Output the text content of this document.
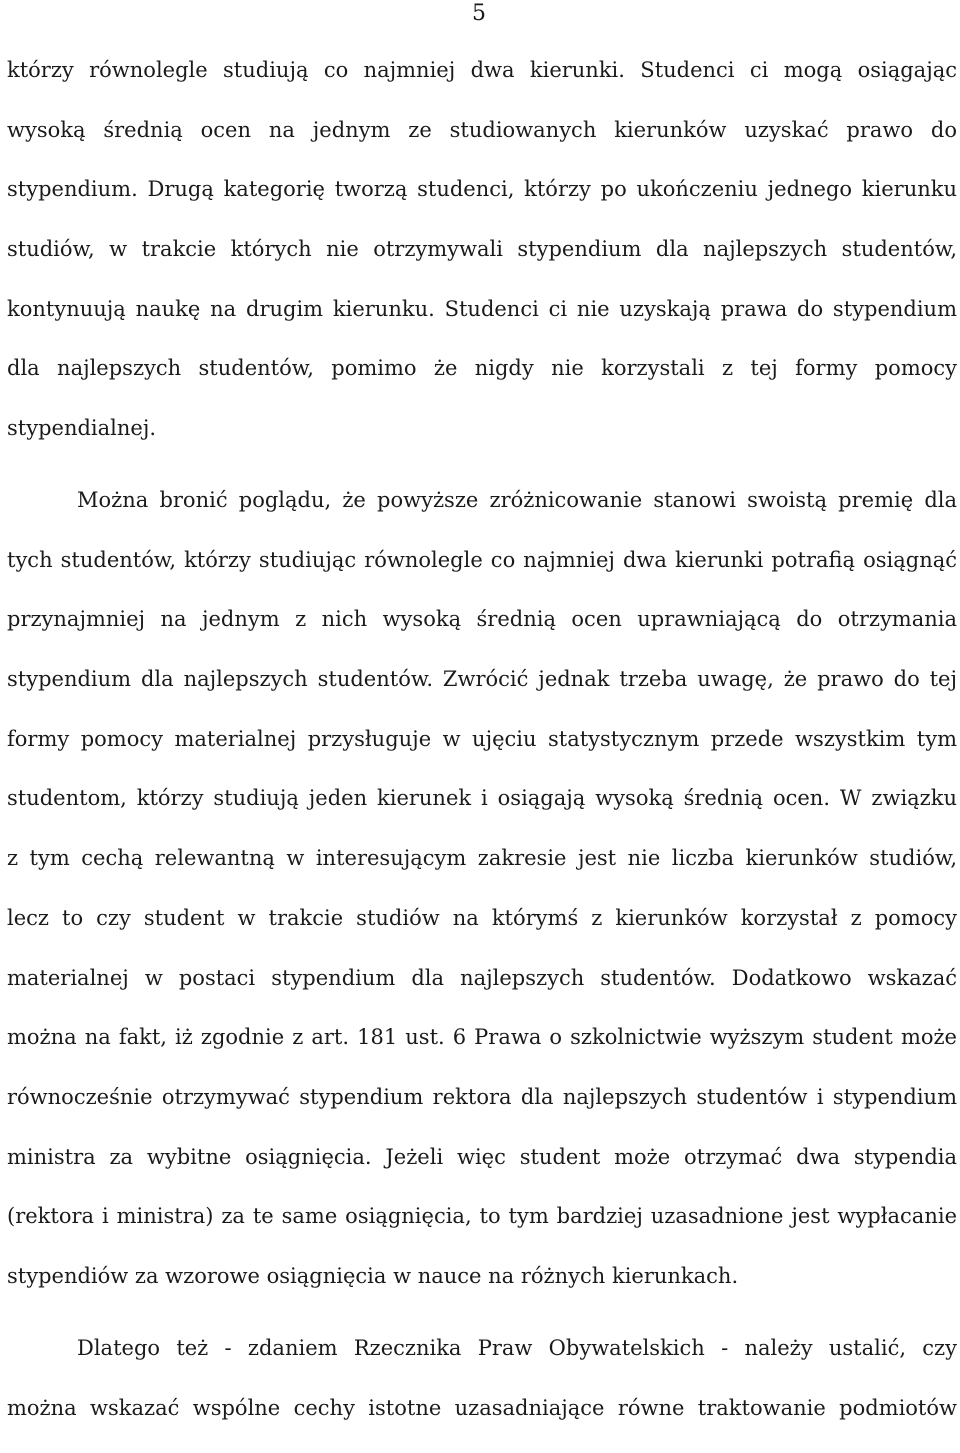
5
którzy równolegle studiują co najmniej dwa kierunki. Studenci ci mogą osiągając
wysoką średnią ocen na jednym ze studiowanych kierunków uzyskać prawo do
stypendium. Drugą kategorię tworzą studenci, którzy po ukończeniu jednego kierunku
studiów, w trakcie których nie otrzymywali stypendium dla najlepszych studentów,
kontynuują naukę na drugim kierunku. Studenci ci nie uzyskają prawa do stypendium
dla najlepszych studentów, pomimo że nigdy nie korzystali z tej formy pomocy
stypendialnej.
Można bronić poglądu, że powyższe zróżnicowanie stanowi swoistą premię dla
tych studentów, którzy studiując równolegle co najmniej dwa kierunki potrafią osiągnąć
przynajmniej na jednym z nich wysoką średnią ocen uprawniającą do otrzymania
stypendium dla najlepszych studentów. Zwrócić jednak trzeba uwagę, że prawo do tej
formy pomocy materialnej przysługuje w ujęciu statystycznym przede wszystkim tym
studentom, którzy studiują jeden kierunek i osiągają wysoką średnią ocen. W związku
z tym cechą relewantną w interesującym zakresie jest nie liczba kierunków studiów,
lecz to czy student w trakcie studiów na którymś z kierunków korzystał z pomocy
materialnej w postaci stypendium dla najlepszych studentów. Dodatkowo wskazać
można na fakt, iż zgodnie z art. 181 ust. 6 Prawa o szkolnictwie wyższym student może
równocześnie otrzymywać stypendium rektora dla najlepszych studentów i stypendium
ministra za wybitne osiągnięcia. Jeżeli więc student może otrzymać dwa stypendia
(rektora i ministra) za te same osiągnięcia, to tym bardziej uzasadnione jest wypłacanie
stypendiów za wzorowe osiągnięcia w nauce na różnych kierunkach.
Dlatego też - zdaniem Rzecznika Praw Obywatelskich - należy ustalić, czy
można wskazać wspólne cechy istotne uzasadniające równe traktowanie podmiotów
